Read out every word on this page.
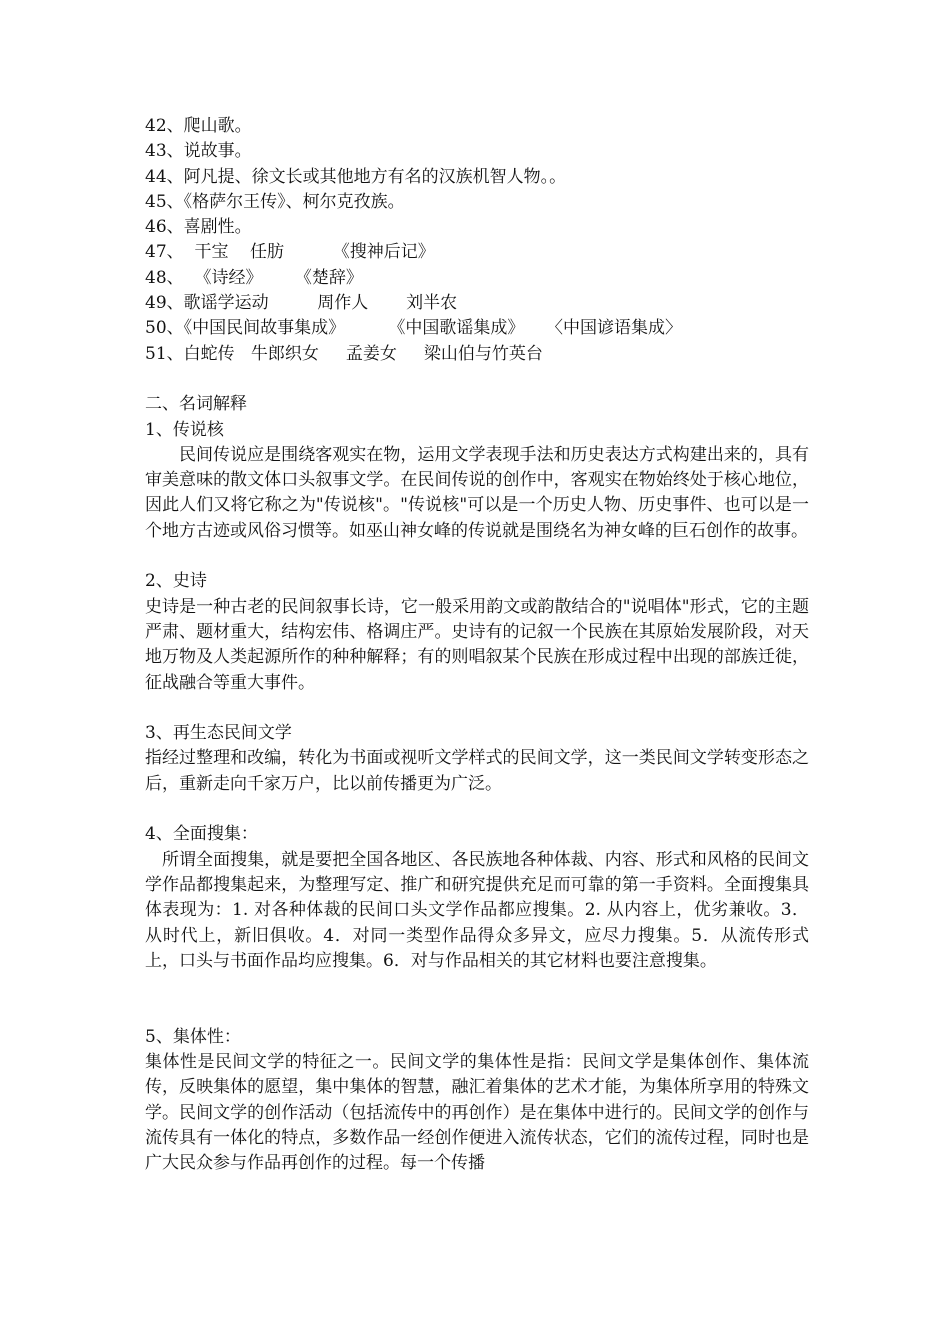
42、爬山歌。
43、说故事。
44、阿凡提、徐文长或其他地方有名的汉族机智人物。。
45、《格萨尔王传》、柯尔克孜族。
46、喜剧性。
47、  干宝    任肪         《搜神后记》
48、  《诗经》      《楚辞》
49、歌谣学运动         周作人       刘半农
50、《中国民间故事集成》        《中国歌谣集成》    〈中国谚语集成〉
51、白蛇传   牛郎织女     孟姜女     梁山伯与竹英台
二、名词解释
1、传说核
民间传说应是围绕客观实在物，运用文学表现手法和历史表达方式构建出来的，具有审美意味的散文体口头叙事文学。在民间传说的创作中，客观实在物始终处于核心地位，因此人们又将它称之为"传说核"。"传说核"可以是一个历史人物、历史事件、也可以是一个地方古迹或风俗习惯等。如巫山神女峰的传说就是围绕名为神女峰的巨石创作的故事。
2、史诗
史诗是一种古老的民间叙事长诗，它一般采用韵文或韵散结合的"说唱体"形式，它的主题严肃、题材重大，结构宏伟、格调庄严。史诗有的记叙一个民族在其原始发展阶段，对天地万物及人类起源所作的种种解释；有的则唱叙某个民族在形成过程中出现的部族迁徙，征战融合等重大事件。
3、再生态民间文学
指经过整理和改编，转化为书面或视听文学样式的民间文学，这一类民间文学转变形态之后，重新走向千家万户，比以前传播更为广泛。
4、全面搜集：
所谓全面搜集，就是要把全国各地区、各民族地各种体裁、内容、形式和风格的民间文学作品都搜集起来，为整理写定、推广和研究提供充足而可靠的第一手资料。全面搜集具体表现为：1. 对各种体裁的民间口头文学作品都应搜集。2. 从内容上，优劣兼收。3．从时代上，新旧俱收。4．对同一类型作品得众多异文，应尽力搜集。5．从流传形式上，口头与书面作品均应搜集。6．对与作品相关的其它材料也要注意搜集。
5、集体性：
集体性是民间文学的特征之一。民间文学的集体性是指：民间文学是集体创作、集体流传，反映集体的愿望，集中集体的智慧，融汇着集体的艺术才能，为集体所享用的特殊文学。民间文学的创作活动（包括流传中的再创作）是在集体中进行的。民间文学的创作与流传具有一体化的特点，多数作品一经创作便进入流传状态，它们的流传过程，同时也是广大民众参与作品再创作的过程。每一个传播
